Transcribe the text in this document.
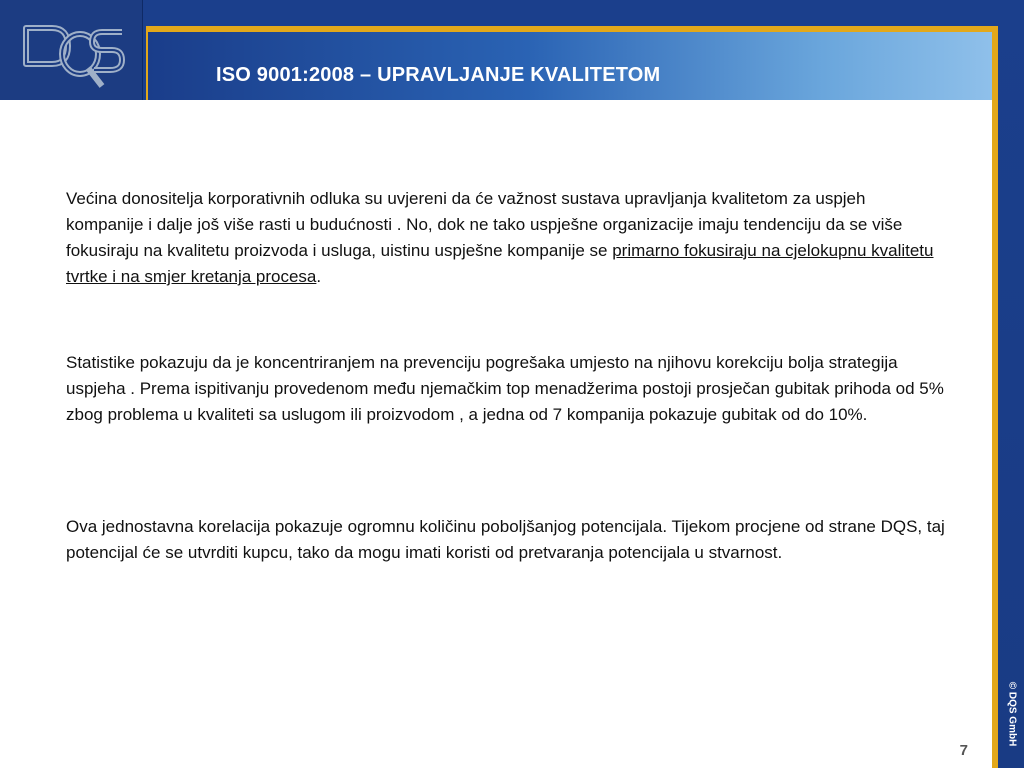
ISO 9001:2008 – UPRAVLJANJE KVALITETOM

Većina donositelja korporativnih odluka su uvjereni da će važnost sustava upravljanja kvalitetom za uspjeh kompanije i dalje još više rasti u budućnosti . No, dok ne tako uspješne organizacije imaju tendenciju da se više fokusiraju na kvalitetu proizvoda i usluga, uistinu uspješne kompanije se primarno fokusiraju na cjelokupnu kvalitetu tvrtke i na smjer kretanja procesa.

Statistike pokazuju da je koncentriranjem na prevenciju pogrešaka umjesto na njihovu korekciju bolja strategija uspjeha . Prema ispitivanju provedenom među njemačkim top menadžerima postoji prosječan gubitak prihoda od 5% zbog problema u kvaliteti sa uslugom ili proizvodom , a jedna od 7 kompanija pokazuje gubitak od do 10%.

Ova jednostavna korelacija pokazuje ogromnu količinu poboljšanjog potencijala. Tijekom procjene od strane DQS, taj potencijal će se utvrditi kupcu, tako da mogu imati koristi od pretvaranja potencijala u stvarnost.

7
© DQS GmbH
